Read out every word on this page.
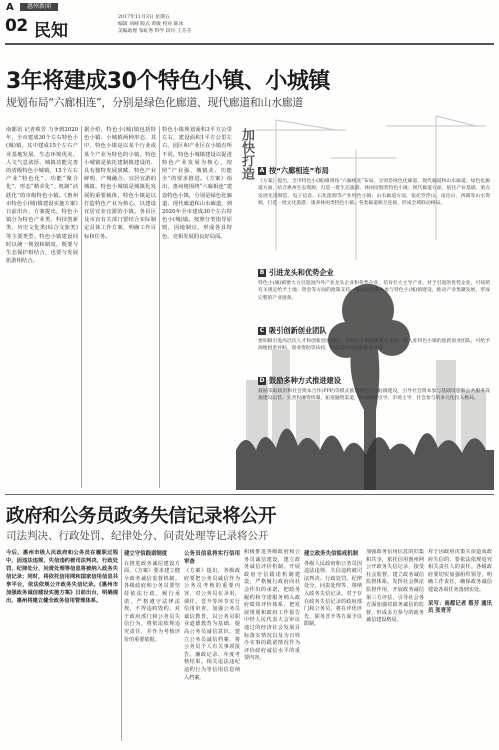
A	惠州新闻
02 民知
2017年11月3日 星期五
编辑 刘刚 版式 黄敏 校对 陈冰
美编助理 邹虹秀 科学 段玲 王芬芬
3年将建成30个特色小镇、小城镇
规划布局“六廊相连”，分别是绿色化廊道、现代廊道和山水廊道
南都讯 记者蔡芳 力争到2020年，全市建成30个左右特色小(城)镇，其中建成15个左右产业基地发展、生态环境优美、人文气息浓厚、城镇功能完善的省级特色小城镇，15个左右产业“特色化”、功能“聚合化”、形态“精美化”、机制“活跃化”的市级特色小镇。《惠州市特色小(城)镇建设实施方案》日前出台，方案提出，特色小镇分为特色产业类、科技创新类、历史文化类(综合文旅类)等主要类型。特色小镇建设同时以统一规划和制度，既要与生态保护相结合，也要与发展旅游相结合。
据介绍，特色小(城)镇包括特色小镇、小城镇两种形态，其中，特色小镇是以某个行业或某个产业为特色的小镇，特色小城镇是依托建制镇建设的、具有独特发展禀赋、特色产业鲜明、产城融合、宜居宜游的城镇。特色小城镇是城镇化发展的重要载体，特色小镇是以打造特色产业为核心，以建设宜居宜业宜游的小镇。各县区及市直有关部门要结合实际制定具体工作方案，明确工作目标和任务。
特色小镇规划面积3平方公里左右，建设面积1平方公里左右，园区和产业区在小镇有所不同。特色小城镇建设以促进特色产业发展为核心，按照“产业强、城镇美、功能全”的要求推进。《方案》指出，惠州将围绕“六廊相连”建设特色小镇，分别是绿色化廊道、现代廊道和山水廊道，到2020年全市建成30个左右特色小(城)镇。按照分类指导原则，因地制宜，形成各具特色、竞相发展的良好局面。
加快打造 A 按“六廊相连”布局
《方案》提出，全市特色小(城)镇将按“六廊相连”布局，分别是绿色化廊道、现代廊道和山水廊道。绿色化廊道方面，结合惠州生态资源，打造一批生态旅游、休闲度假类特色小镇；现代廊道方面，依托产业基础，重点发展先进制造、电子信息、石化能源等产业特色小镇；山水廊道方面，依托罗浮山、南昆山、西湖等山水资源，打造一批文化旅游、康养休闲类特色小镇。各类廊道相互连接，形成全域联动格局。
B 引进龙头和优势企业
特色小(城)镇要大力引进国内外产业龙头企业和优势企业，培育壮大主导产业。对于引进的优势企业，可按照有关规定给予土地、资金等方面的政策支持，鼓励社会资本参与特色小(城)镇建设，推动产业集聚发展，形成完整的产业链条。
C 吸引创新创业团队
要积极引进高层次人才和创新创业团队，为特色小镇提供智力支持。对入驻特色小镇的创新创业团队，可给予场地租金补贴、创业资助等扶持，营造良好的创新创业环境。
D 鼓励多种方式推进建设
鼓励采取政府和社会资本合作(PPP)等模式推进特色小(城)镇建设，引导社会资本参与基础设施和公共服务设施建设运营。完善投融资机制，拓宽融资渠道，形成政府引导、市场主导、社会参与的多元化投入格局。
政府和公务员政务失信记录将公开
司法判决、行政处罚、纪律处分、问责处理等记录将公开
今后，惠州市级人民政府和公务员在履职过程中，因违法违规、失信违约被司法判决、行政处罚、纪律处分、问责处理等信息将被纳入政务失信记录；同时，将依托信用网和国家信用信息共享平台，依法依规公开政务失信记录。《惠州市加强政务诚信建设实施方案》日前出台，明确提出，惠州将建立健全政务信用管理体系。
建立守信践诺制度
在推进政务诚信建设方面，《方案》要求建立健全政务诚信监督机制。各级政府和公务员要坚持依法行政，履行承诺，严格遵守法律法规，不得违约毁约。对于政府部门和公务员失信行为，将依法依规追究责任，并作为考核评价的重要依据。
公务员信息将实行信用审查
《方案》提出，各级政府要把公务员诚信作为公务员考核的重要内容，对公务员在录用、调任、晋升等环节实行信用审查。加强公务员诚信教育，以公务员职业道德教育为基础，提高公务员诚信意识。建立公务员诚信档案，将公务员个人有关事项报告、廉政记录、年度考核结果、相关违法违纪违约行为等信用信息纳入档案。
积极推进各级政府和公务员诚信建设，建立政务诚信评价机制。开展政府守信践诺机制建设，严格履行政府向社会作出的承诺，把政务履约和守诺服务纳入政府绩效评价体系，把发展规划和政府工作报告中经人民代表大会审议通过的经济社会发展目标落实情况以及为百姓办实事的践诺情况作为评价政府诚信水平的重要内容。
建立政务失信惩戒机制
各级人民政府和公务员因违法违规、失信违约被司法判决、行政处罚、纪律处分、问责处理等，将纳入政务失信记录。对于存在政务失信记录的政府部门和公务员，将在评优评先、职务晋升等方面予以限制。
加强政务信用信息的归集和共享，依托信用惠州网公开政务失信记录，接受社会监督。建立政务诚信监督体系，发挥社会舆论监督作用，开展政务诚信第三方评估，引导社会各方面加强对政务诚信的监督，形成多方参与的政务诚信建设格局。
对于因政府决策失误造成政府失信的，要依法依规追究相关责任人的责任。各级政府要切实加强组织领导，明确工作责任，确保政务诚信建设各项任务落到实处。
采写：南都记者 蔡芳 通讯员 张青芳
